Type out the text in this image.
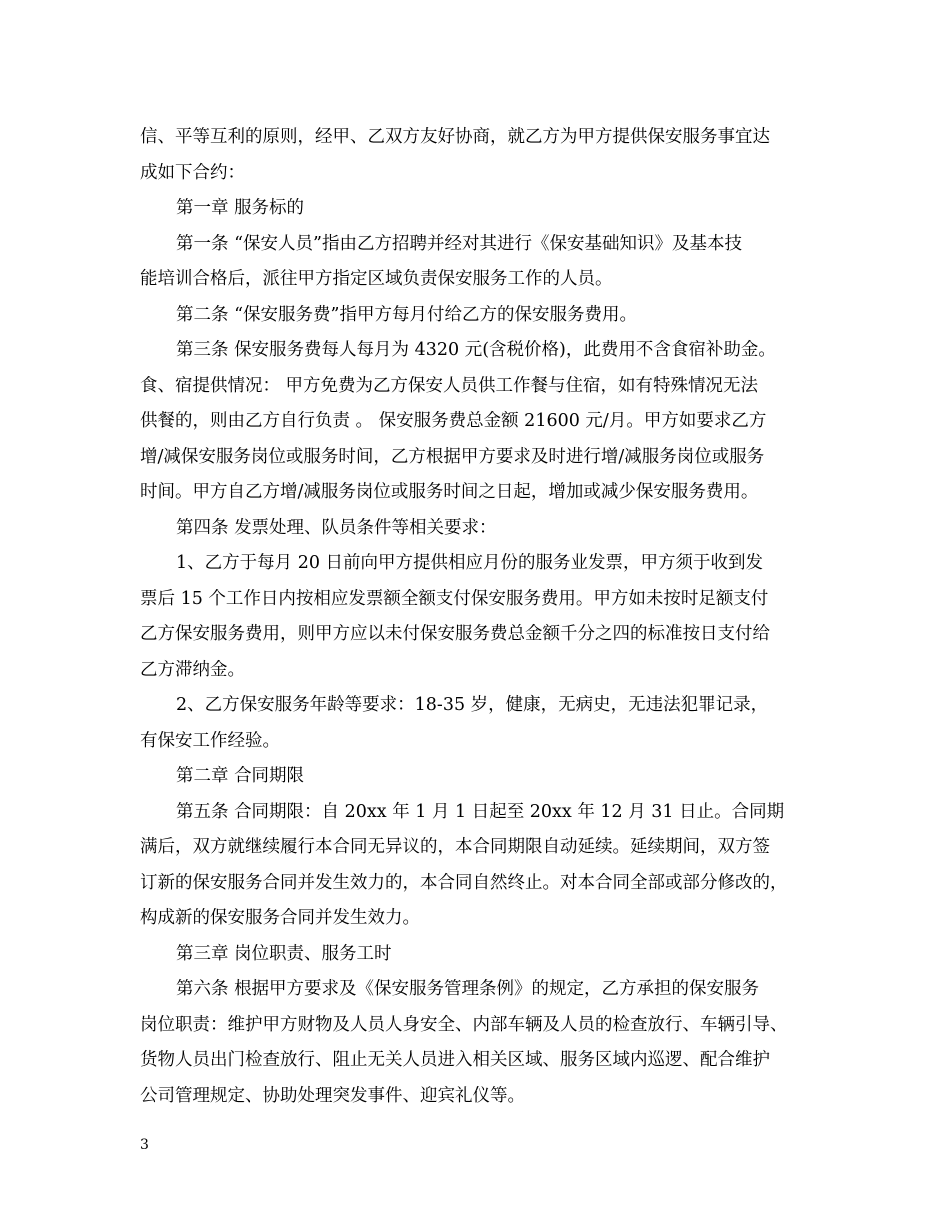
信、平等互利的原则，经甲、乙双方友好协商，就乙方为甲方提供保安服务事宜达
成如下合约：
第一章 服务标的
第一条 “保安人员”指由乙方招聘并经对其进行《保安基础知识》及基本技
能培训合格后，派往甲方指定区域负责保安服务工作的人员。
第二条 “保安服务费”指甲方每月付给乙方的保安服务费用。
第三条 保安服务费每人每月为 4320 元(含税价格)，此费用不含食宿补助金。
食、宿提供情况： 甲方免费为乙方保安人员供工作餐与住宿，如有特殊情况无法
供餐的，则由乙方自行负责 。 保安服务费总金额 21600 元/月。甲方如要求乙方
增/减保安服务岗位或服务时间，乙方根据甲方要求及时进行增/减服务岗位或服务
时间。甲方自乙方增/减服务岗位或服务时间之日起，增加或减少保安服务费用。
第四条 发票处理、队员条件等相关要求：
1、乙方于每月 20 日前向甲方提供相应月份的服务业发票，甲方须于收到发
票后 15 个工作日内按相应发票额全额支付保安服务费用。甲方如未按时足额支付
乙方保安服务费用，则甲方应以未付保安服务费总金额千分之四的标准按日支付给
乙方滞纳金。
2、乙方保安服务年龄等要求：18-35 岁，健康，无病史，无违法犯罪记录，
有保安工作经验。
第二章 合同期限
第五条 合同期限：自 20xx 年 1 月 1 日起至 20xx 年 12 月 31 日止。合同期
满后，双方就继续履行本合同无异议的，本合同期限自动延续。延续期间，双方签
订新的保安服务合同并发生效力的，本合同自然终止。对本合同全部或部分修改的，
构成新的保安服务合同并发生效力。
第三章 岗位职责、服务工时
第六条 根据甲方要求及《保安服务管理条例》的规定，乙方承担的保安服务
岗位职责：维护甲方财物及人员人身安全、内部车辆及人员的检查放行、车辆引导、
货物人员出门检查放行、阻止无关人员进入相关区域、服务区域内巡逻、配合维护
公司管理规定、协助处理突发事件、迎宾礼仪等。
3
